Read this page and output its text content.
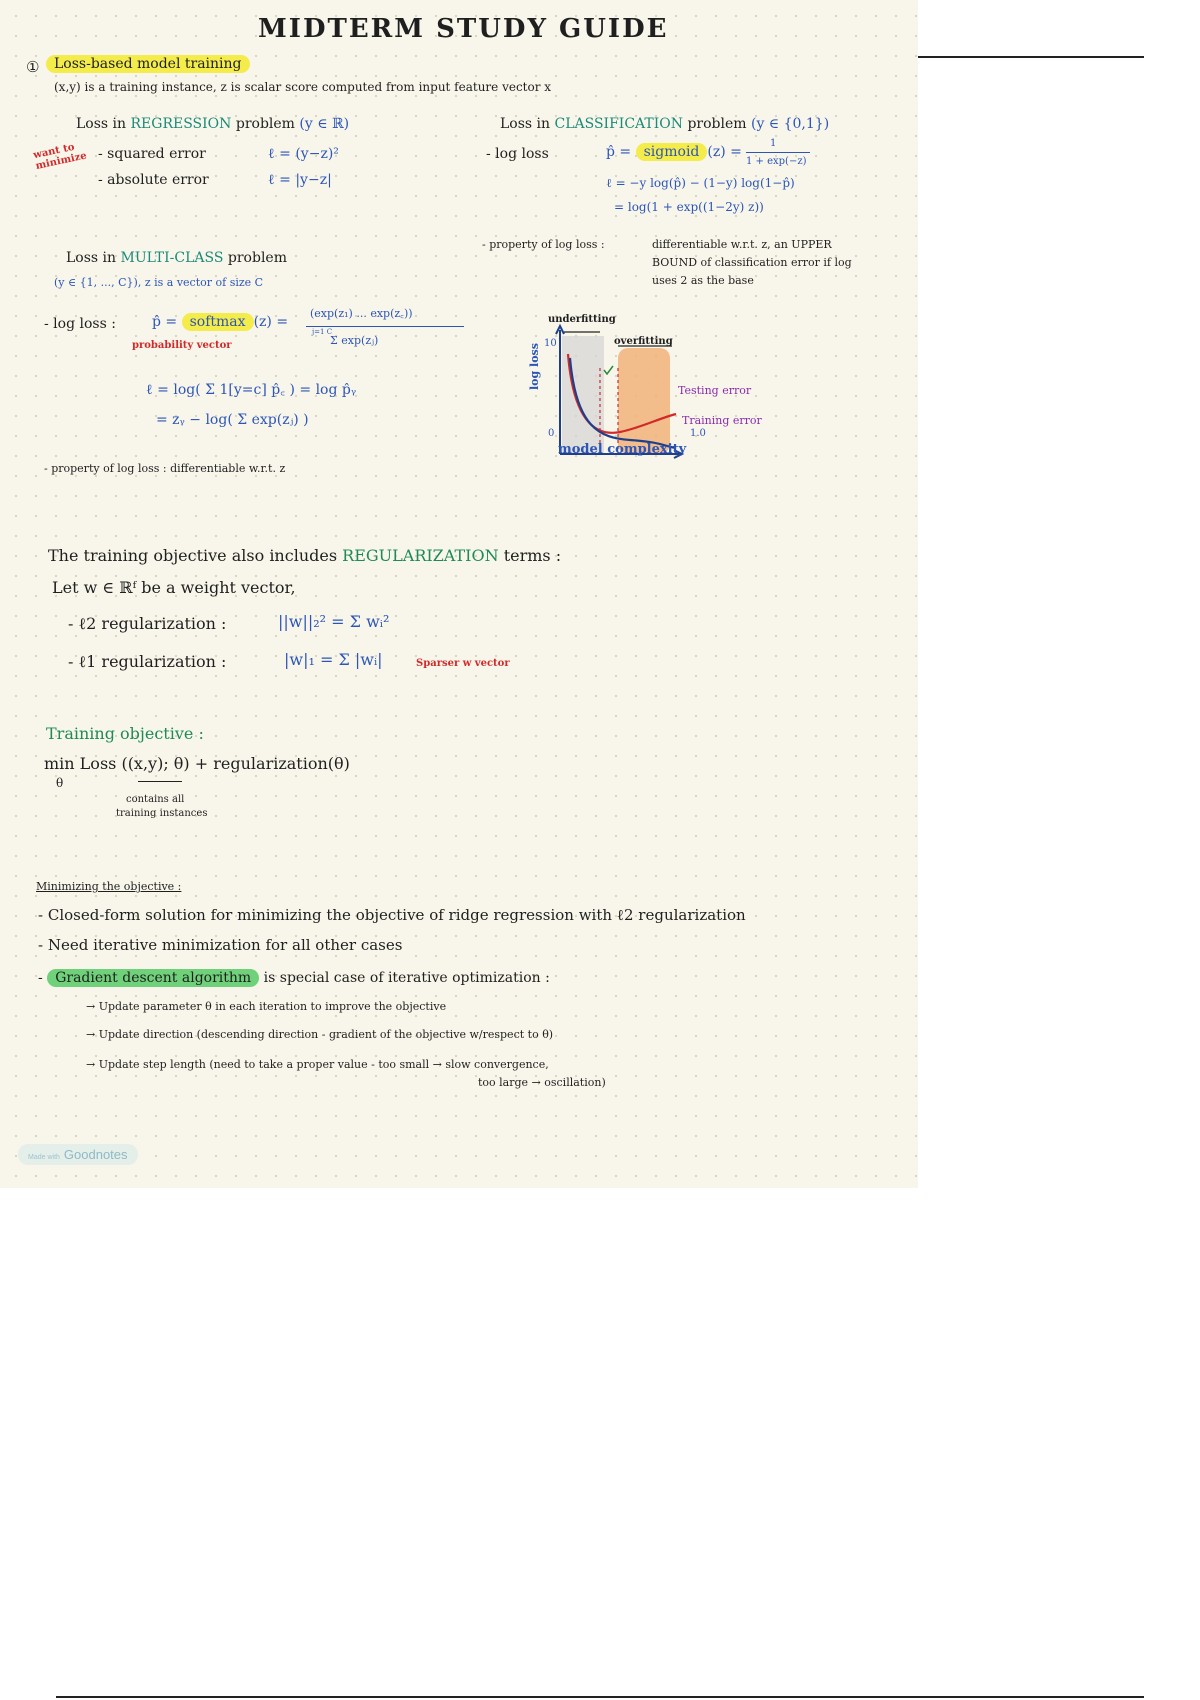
MIDTERM STUDY GUIDE
①	Loss-based model training
(x,y) is a training instance, z is scalar score computed from input feature vector x
Loss in REGRESSION problem (y ∈ ℝ)
want to minimize - squared error	ℓ = (y−z)²
- absolute error	ℓ = |y−z|
Loss in CLASSIFICATION problem (y ∈ {0,1})
- log loss	p̂ = sigmoid (z) =
1
1 + exp(−z)
ℓ = −y log(p̂) − (1−y) log(1−p̂)
= log(1 + exp((1−2y) z))
- property of log loss :	differentiable w.r.t. z, an UPPER
BOUND of classification error if log
uses 2 as the base
Loss in MULTI-CLASS problem
(y ∈ {1, ..., C}), z is a vector of size C
- log loss :	p̂ = softmax (z) =
(exp(z₁) ... exp(z꜀))
Σ exp(zⱼ)
j=1 C
probability vector
ℓ = log( Σ 1[y=c] p̂꜀ ) = log p̂ᵧ
= zᵧ − log( Σ exp(zⱼ) )
- property of log loss : differentiable w.r.t. z
underfitting
overfitting
10
0	1.0
log loss
model complexity
Testing error
Training error
The training objective also includes REGULARIZATION terms :
Let w ∈ ℝᶠ be a weight vector,
- ℓ2 regularization :	||w||₂² = Σ wᵢ²
- ℓ1 regularization :	|w|₁ = Σ |wᵢ|	Sparser w vector
Training objective :
min Loss ((x,y); θ) + regularization(θ)
θ
contains all
training instances
Minimizing the objective :
- Closed-form solution for minimizing the objective of ridge regression with ℓ2 regularization
- Need iterative minimization for all other cases
- Gradient descent algorithm is special case of iterative optimization :
→ Update parameter θ in each iteration to improve the objective
→ Update direction (descending direction - gradient of the objective w/respect to θ)
→ Update step length (need to take a proper value - too small → slow convergence,
too large → oscillation)
Made with Goodnotes
